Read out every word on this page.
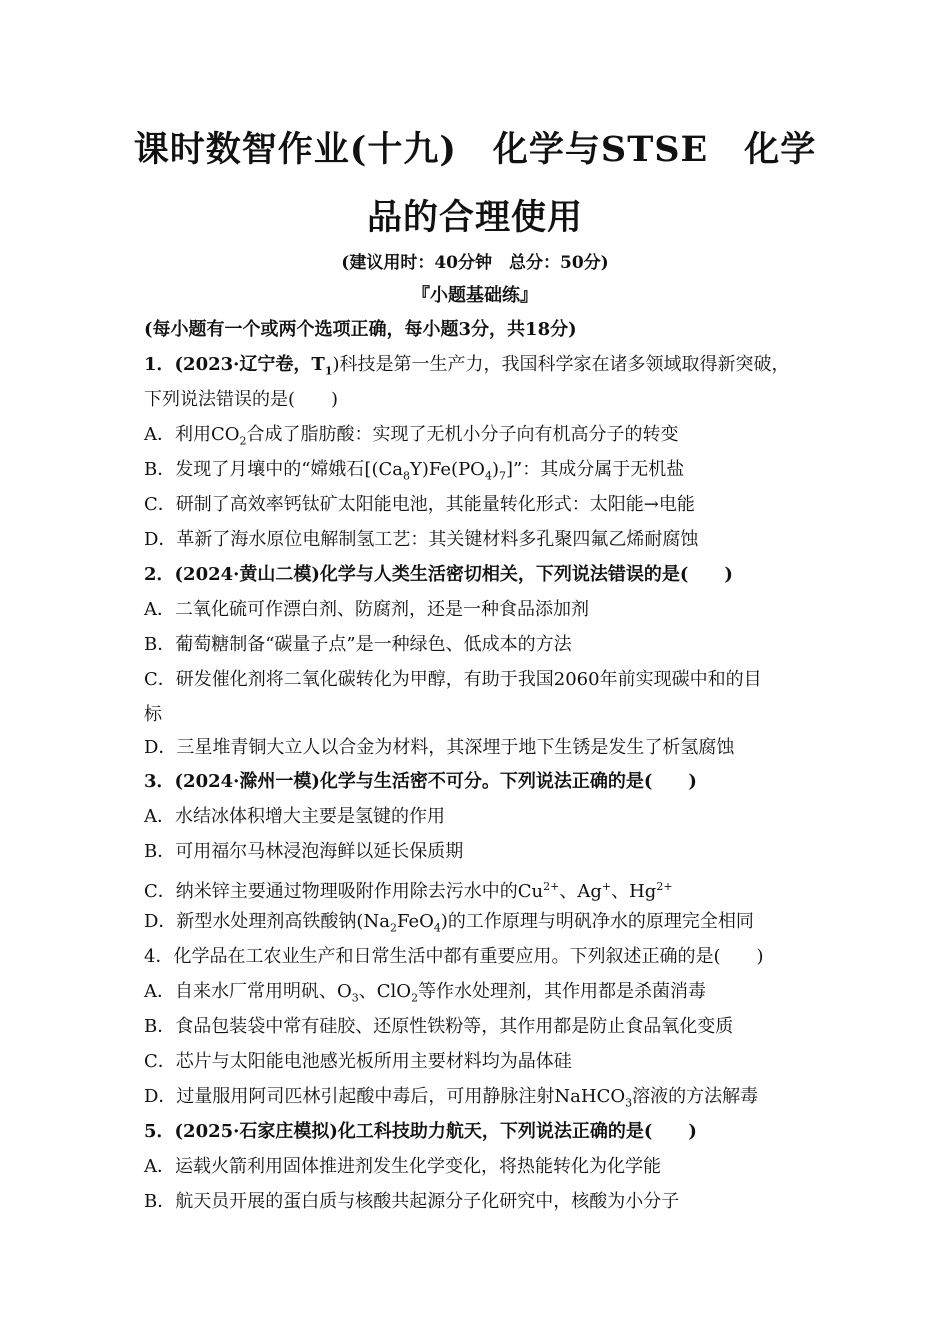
课时数智作业(十九)　化学与STSE　化学
品的合理使用
(建议用时：40分钟　总分：50分)
『小题基础练』
(每小题有一个或两个选项正确，每小题3分，共18分)
1．(2023·辽宁卷，$T_1$)科技是第一生产力，我国科学家在诸多领域取得新突破，
下列说法错误的是(　　)
A．利用$CO_2$合成了脂肪酸：实现了无机小分子向有机高分子的转变
B．发现了月壤中的“嫦娥石$[(Ca_8Y)Fe(PO_4)_7]$”：其成分属于无机盐
C．研制了高效率钙钛矿太阳能电池，其能量转化形式：太阳能→电能
D．革新了海水原位电解制氢工艺：其关键材料多孔聚四氟乙烯耐腐蚀
2．(2024·黄山二模)化学与人类生活密切相关，下列说法错误的是(　　)
A．二氧化硫可作漂白剂、防腐剂，还是一种食品添加剂
B．葡萄糖制备“碳量子点”是一种绿色、低成本的方法
C．研发催化剂将二氧化碳转化为甲醇，有助于我国2060年前实现碳中和的目
标
D．三星堆青铜大立人以合金为材料，其深埋于地下生锈是发生了析氢腐蚀
3．(2024·滁州一模)化学与生活密不可分。下列说法正确的是(　　)
A．水结冰体积增大主要是氢键的作用
B．可用福尔马林浸泡海鲜以延长保质期
C．纳米锌主要通过物理吸附作用除去污水中的$Cu^{2+}$、Ag+、$Hg^{2+}$
D．新型水处理剂高铁酸钠$(Na_2FeO_4)$的工作原理与明矾净水的原理完全相同
4．化学品在工农业生产和日常生活中都有重要应用。下列叙述正确的是(　　)
A．自来水厂常用明矾、$O_3$、ClO$_2$等作水处理剂，其作用都是杀菌消毒
B．食品包装袋中常有硅胶、还原性铁粉等，其作用都是防止食品氧化变质
C．芯片与太阳能电池感光板所用主要材料均为晶体硅
D．过量服用阿司匹林引起酸中毒后，可用静脉注射NaHCO$_3$溶液的方法解毒
5．(2025·石家庄模拟)化工科技助力航天，下列说法正确的是(　　)
A．运载火箭利用固体推进剂发生化学变化，将热能转化为化学能
B．航天员开展的蛋白质与核酸共起源分子化研究中，核酸为小分子
